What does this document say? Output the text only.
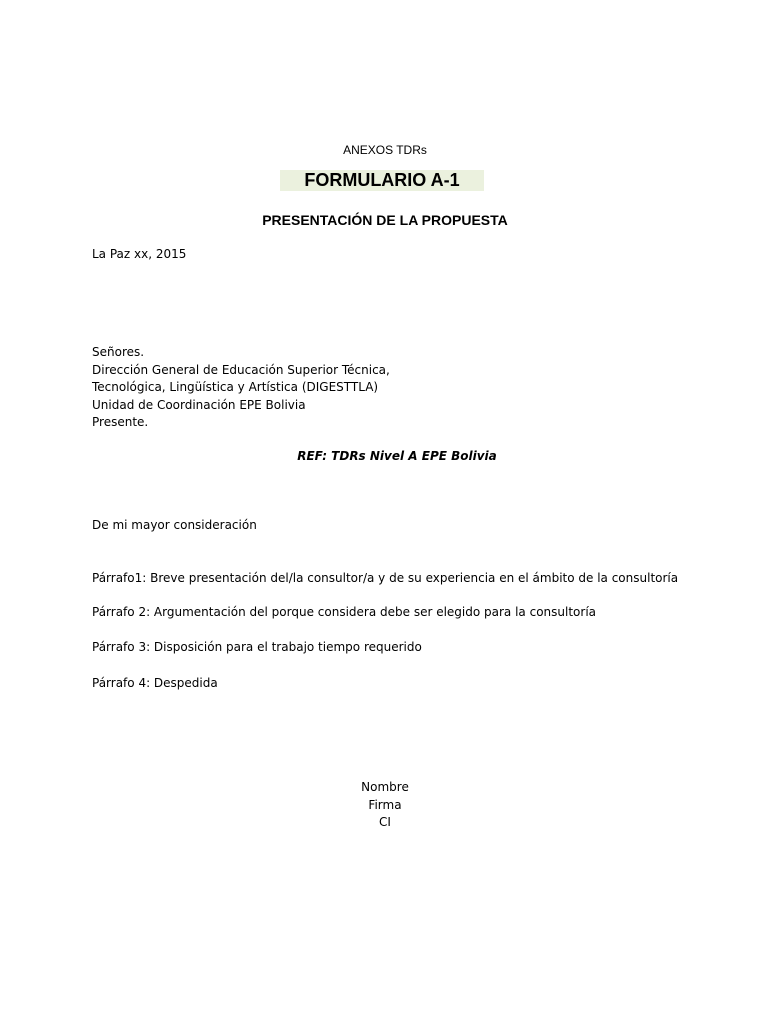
ANEXOS TDRs
FORMULARIO A-1
PRESENTACIÓN DE LA PROPUESTA
La Paz xx, 2015
Señores.
Dirección General de Educación Superior Técnica,
Tecnológica, Lingüística y Artística (DIGESTTLA)
Unidad de Coordinación EPE Bolivia
Presente.
REF: TDRs Nivel A EPE Bolivia
De mi mayor consideración
Párrafo1: Breve presentación del/la consultor/a y de su experiencia en el ámbito de la consultoría
Párrafo 2: Argumentación del porque considera debe ser elegido para la consultoría
Párrafo 3: Disposición para el trabajo tiempo requerido
Párrafo 4: Despedida
Nombre
Firma
CI
